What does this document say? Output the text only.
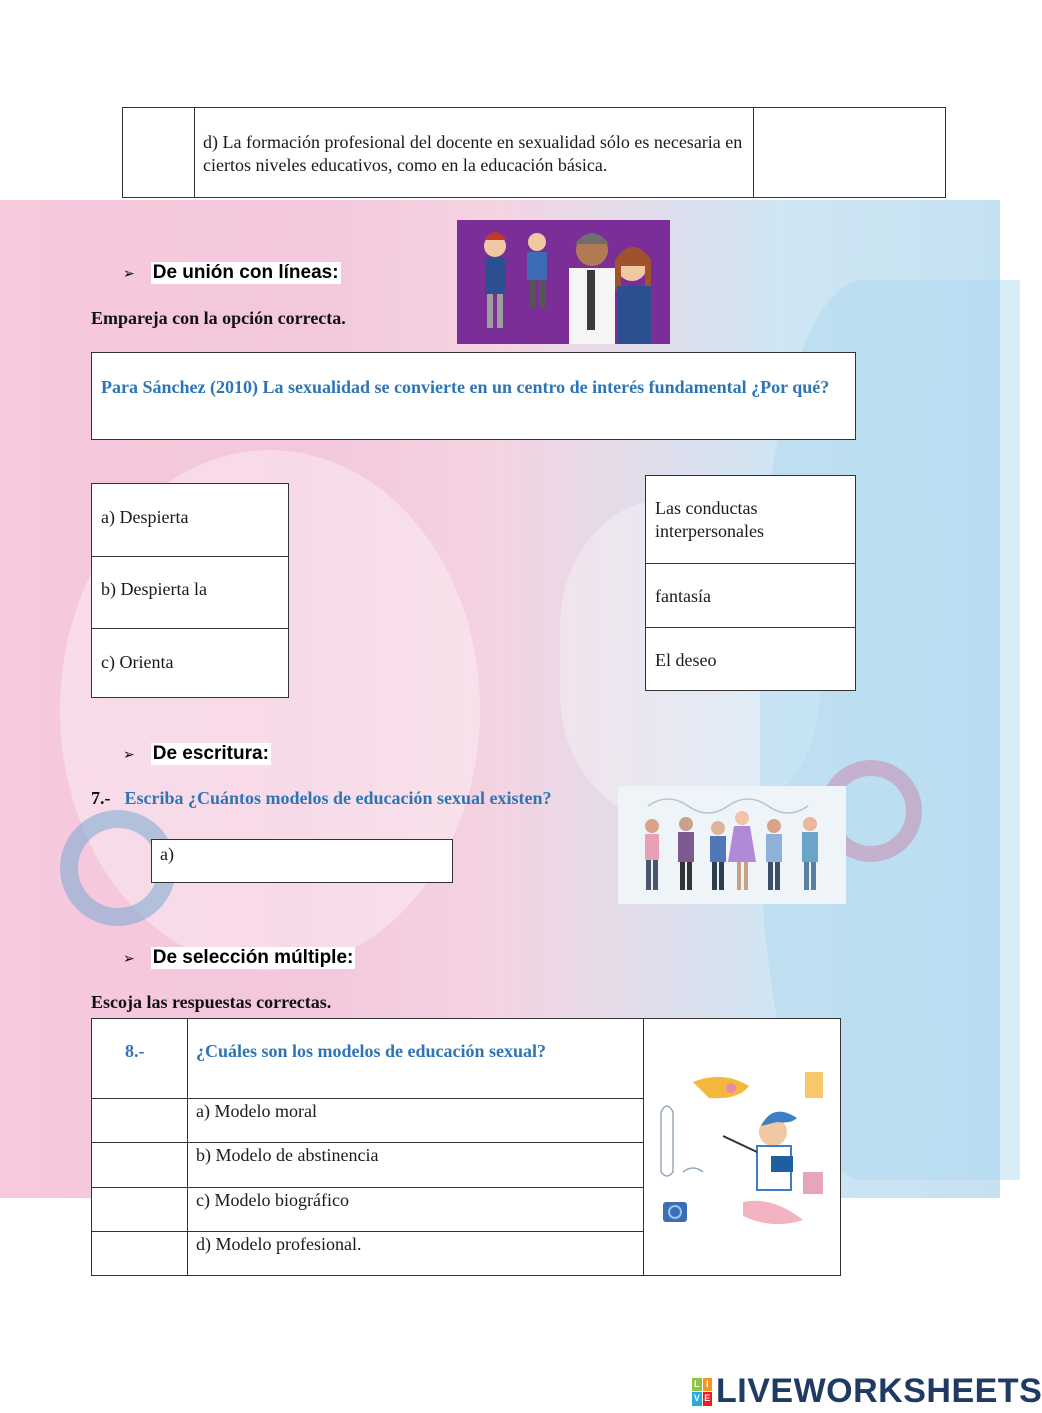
d) La formación profesional del docente en sexualidad sólo es necesaria en ciertos niveles educativos, como en la educación básica.

➢ De unión con líneas:
Empareja con la opción correcta.
Para Sánchez (2010) La sexualidad se convierte en un centro de interés fundamental ¿Por qué?
a) Despierta
b) Despierta la
c) Orienta
Las conductas interpersonales
fantasía
El deseo
➢ De escritura:
7.- Escriba ¿Cuántos modelos de educación sexual existen?
a)
➢ De selección múltiple:
Escoja las respuestas correctas.
8.-	¿Cuáles son los modelos de educación sexual?

	a) Modelo moral	

	b) Modelo de abstinencia	

	c) Modelo biográfico	

	d) Modelo profesional.	
L I
V E LIVEWORKSHEETS
